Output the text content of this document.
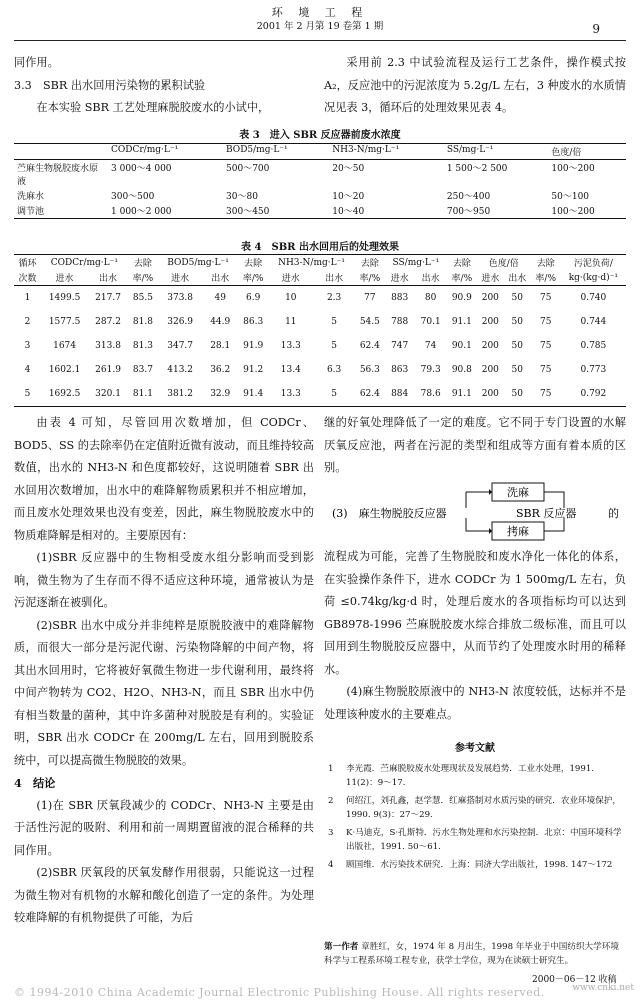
环 境 工 程
2001 年 2 月第 19 卷第 1 期	9

同作用。

3.3　SBR 出水回用污染物的累积试验

在本实验 SBR 工艺处理麻脱胶废水的小试中，

采用前 2.3 中试验流程及运行工艺条件，操作模式按 A₂，反应池中的污泥浓度为 5.2g/L 左右，3 种废水的水质情况见表 3，循环后的处理效果见表 4。

表 3　进入 SBR 反应器前废水浓度
	CODCr/mg·L⁻¹	BOD5/mg·L⁻¹	NH3-N/mg·L⁻¹	SS/mg·L⁻¹	色度/倍
苎麻生物脱胶废水原液	3 000～4 000	500～700	20～50	1 500～2 500	100～200
洗麻水	300～500	30～80	10～20	250～400	50～100
调节池	1 000～2 000	300～450	10～40	700～950	100～200
表 4　SBR 出水回用后的处理效果
循环	CODCr/mg·L⁻¹		去除	BOD5/mg·L⁻¹		去除	NH3-N/mg·L⁻¹		去除	SS/mg·L⁻¹		去除	色度/倍		去除	污泥负荷/
次数	进水	出水	率/%	进水	出水	率/%	进水	出水	率/%	进水	出水	率/%	进水	出水	率/%	kg·(kg·d)⁻¹
1	1499.5	217.7	85.5	373.8	49	6.9	10	2.3	77	883	80	90.9	200	50	75	0.740
2	1577.5	287.2	81.8	326.9	44.9	86.3	11	5	54.5	788	70.1	91.1	200	50	75	0.744
3	1674	313.8	81.3	347.7	28.1	91.9	13.3	5	62.4	747	74	90.1	200	50	75	0.785
4	1602.1	261.9	83.7	413.2	36.2	91.2	13.4	6.3	56.3	863	79.3	90.8	200	50	75	0.773
5	1692.5	320.1	81.1	381.2	32.9	91.4	13.3	5	62.4	884	78.6	91.1	200	50	75	0.792

由表 4 可知，尽管回用次数增加，但 CODCr、BOD5、SS 的去除率仍在定值附近微有波动，而且维持较高数值，出水的 NH3-N 和色度都较好，这说明随着 SBR 出水回用次数增加，出水中的难降解物质累积并不相应增加，而且废水处理效果也没有变差，因此，麻生物脱胶废水中的物质难降解是相对的。主要原因有：

(1)SBR 反应器中的生物相受废水组分影响而受到影响，微生物为了生存而不得不适应这种环境，通常被认为是污泥逐渐在被驯化。

(2)SBR 出水中成分并非纯粹是原脱胶液中的难降解物质，而很大一部分是污泥代谢、污染物降解的中间产物，将其出水回用时，它将被好氧微生物进一步代谢利用，最终将中间产物转为 CO2、H2O、NH3-N，而且 SBR 出水中仍有相当数量的菌种，其中许多菌种对脱胶是有利的。实验证明，SBR 出水 CODCr 在 200mg/L 左右，回用到脱胶系统中，可以提高微生物脱胶的效果。

4　结论

(1)在 SBR 厌氧段减少的 CODCr、NH3-N 主要是由于活性污泥的吸附、利用和前一周期置留液的混合稀释的共同作用。

(2)SBR 厌氧段的厌氧发酵作用很弱，只能说这一过程为微生物对有机物的水解和酸化创造了一定的条件。为处理较难降解的有机物提供了可能，为后

继的好氧处理降低了一定的难度。它不同于专门设置的水解厌氧反应池，两者在污泥的类型和组成等方面有着本质的区别。

洗麻
拷麻
(3)　麻生物脱胶反应器	SBR 反应器	的

流程成为可能，完善了生物脱胶和废水净化一体化的体系，在实验操作条件下，进水 CODCr 为 1 500mg/L 左右，负荷 ≤0.74kg/kg·d 时，处理后废水的各项指标均可以达到 GB8978-1996 苎麻脱胶废水综合排放二级标准，而且可以回用到生物脱胶反应器中，从而节约了处理废水时用的稀释水。

(4)麻生物脱胶原液中的 NH3-N 浓度较低，达标并不是处理该种废水的主要难点。

参考文献
1	李光霞．苎麻脱胶废水处理现状及发展趋势．工业水处理，1991. 11(2)：9～17.
2	何绍江，刘孔鑫，赵学慧．红麻搭制对水质污染的研究．农业环境保护，1990. 9(3)：27～29.
3	K·马迪克，S·孔斯特．污水生物处理和水污染控制．北京：中国环境科学出版社，1991. 50～61.
4	顾国维．水污染技术研究．上海：同济大学出版社，1998. 147～172
第一作者 章胜红，女，1974 年 8 月出生，1998 年毕业于中国纺织大学环境科学与工程系环境工程专业，获学士学位，现为在读硕士研究生。
2000－06－12 收稿
© 1994-2010 China Academic Journal Electronic Publishing House. All rights reserved.	www.cnki.net
